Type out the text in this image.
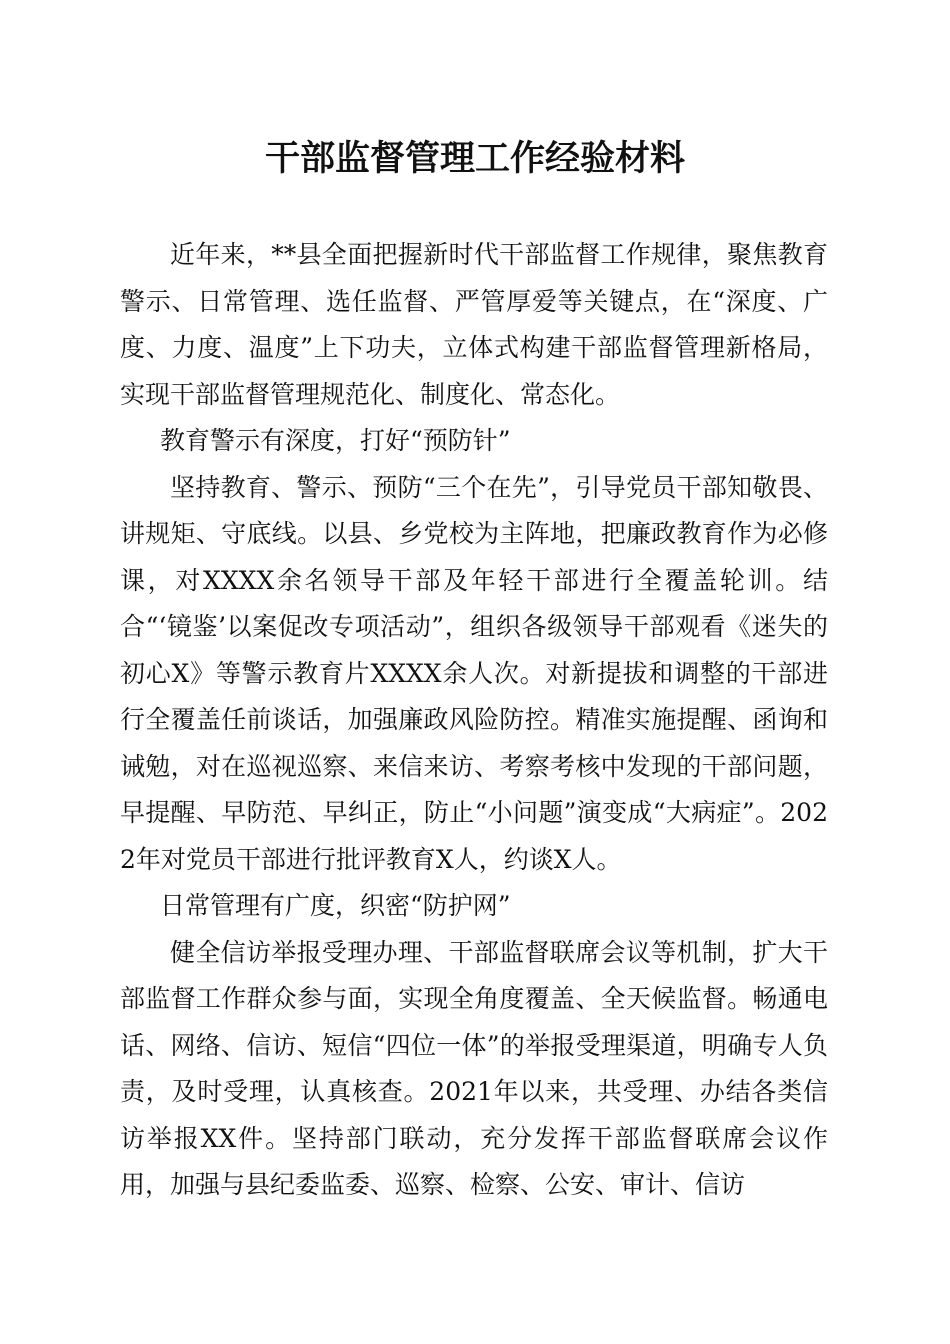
干部监督管理工作经验材料

近年来，**县全面把握新时代干部监督工作规律，聚焦教育警示、日常管理、选任监督、严管厚爱等关键点，在“深度、广度、力度、温度”上下功夫，立体式构建干部监督管理新格局，实现干部监督管理规范化、制度化、常态化。

教育警示有深度，打好“预防针”

坚持教育、警示、预防“三个在先”，引导党员干部知敬畏、讲规矩、守底线。以县、乡党校为主阵地，把廉政教育作为必修课，对XXXX余名领导干部及年轻干部进行全覆盖轮训。结合“‘镜鉴’以案促改专项活动”，组织各级领导干部观看《迷失的初心X》等警示教育片XXXX余人次。对新提拔和调整的干部进行全覆盖任前谈话，加强廉政风险防控。精准实施提醒、函询和诫勉，对在巡视巡察、来信来访、考察考核中发现的干部问题，早提醒、早防范、早纠正，防止“小问题”演变成“大病症”。2022年对党员干部进行批评教育X人，约谈X人。

日常管理有广度，织密“防护网”

健全信访举报受理办理、干部监督联席会议等机制，扩大干部监督工作群众参与面，实现全角度覆盖、全天候监督。畅通电话、网络、信访、短信“四位一体”的举报受理渠道，明确专人负责，及时受理，认真核查。2021年以来，共受理、办结各类信访举报XX件。坚持部门联动，充分发挥干部监督联席会议作用，加强与县纪委监委、巡察、检察、公安、审计、信访
